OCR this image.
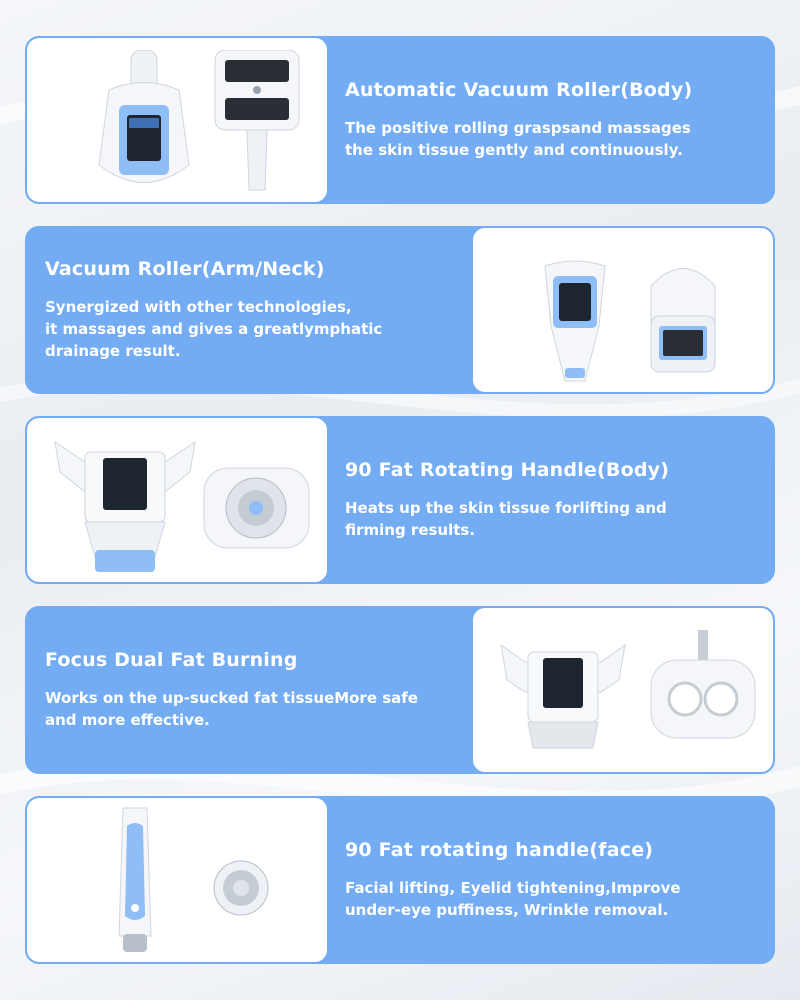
Automatic Vacuum Roller(Body)
The positive rolling graspsand massages
the skin tissue gently and continuously.
Vacuum Roller(Arm/Neck)
Synergized with other technologies,
it massages and gives a greatlymphatic
drainage result.
90 Fat Rotating Handle(Body)
Heats up the skin tissue forlifting and
firming results.
Focus Dual Fat Burning
Works on the up-sucked fat tissueMore safe
and more effective.
90 Fat rotating handle(face)
Facial lifting, Eyelid tightening,Improve
under-eye puffiness, Wrinkle removal.
